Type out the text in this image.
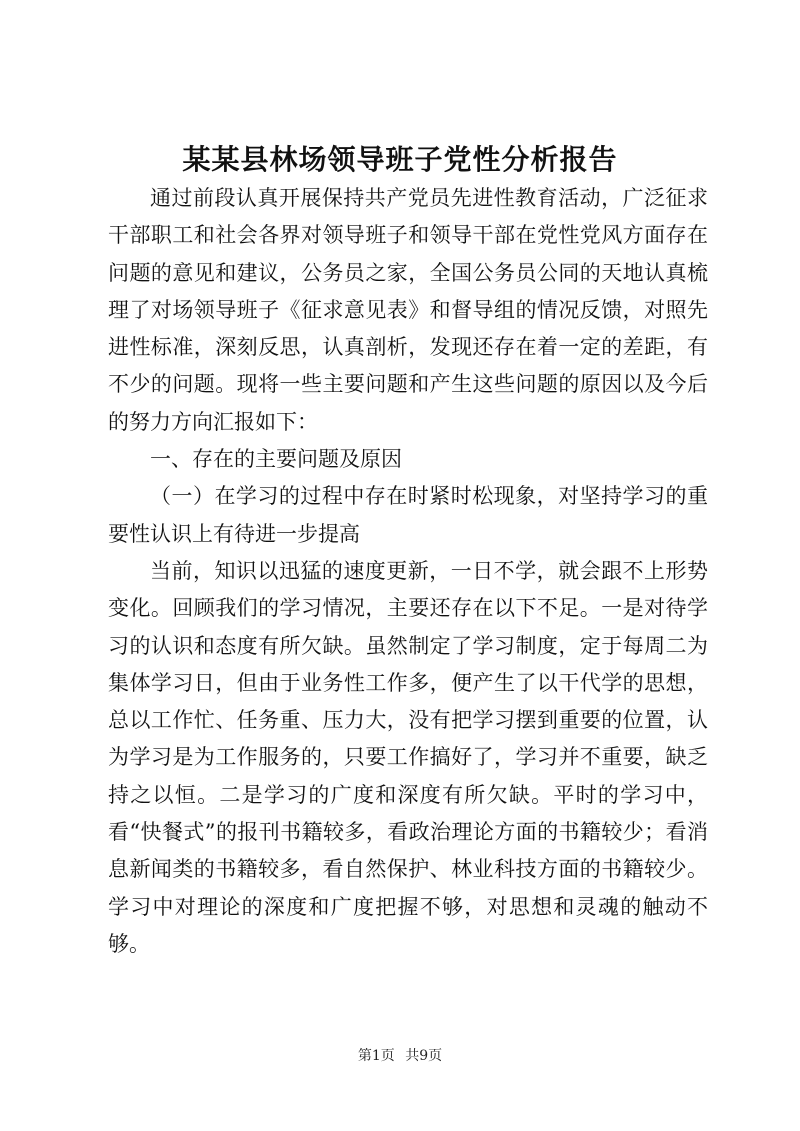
某某县林场领导班子党性分析报告

通过前段认真开展保持共产党员先进性教育活动，广泛征求干部职工和社会各界对领导班子和领导干部在党性党风方面存在问题的意见和建议，公务员之家，全国公务员公同的天地认真梳理了对场领导班子《征求意见表》和督导组的情况反馈，对照先进性标准，深刻反思，认真剖析，发现还存在着一定的差距，有不少的问题。现将一些主要问题和产生这些问题的原因以及今后的努力方向汇报如下：

一、存在的主要问题及原因

（一）在学习的过程中存在时紧时松现象，对坚持学习的重要性认识上有待进一步提高

当前，知识以迅猛的速度更新，一日不学，就会跟不上形势变化。回顾我们的学习情况，主要还存在以下不足。一是对待学习的认识和态度有所欠缺。虽然制定了学习制度，定于每周二为集体学习日，但由于业务性工作多，便产生了以干代学的思想，总以工作忙、任务重、压力大，没有把学习摆到重要的位置，认为学习是为工作服务的，只要工作搞好了，学习并不重要，缺乏持之以恒。二是学习的广度和深度有所欠缺。平时的学习中，看“快餐式”的报刊书籍较多，看政治理论方面的书籍较少；看消息新闻类的书籍较多，看自然保护、林业科技方面的书籍较少。学习中对理论的深度和广度把握不够，对思想和灵魂的触动不够。

第1页 共9页
